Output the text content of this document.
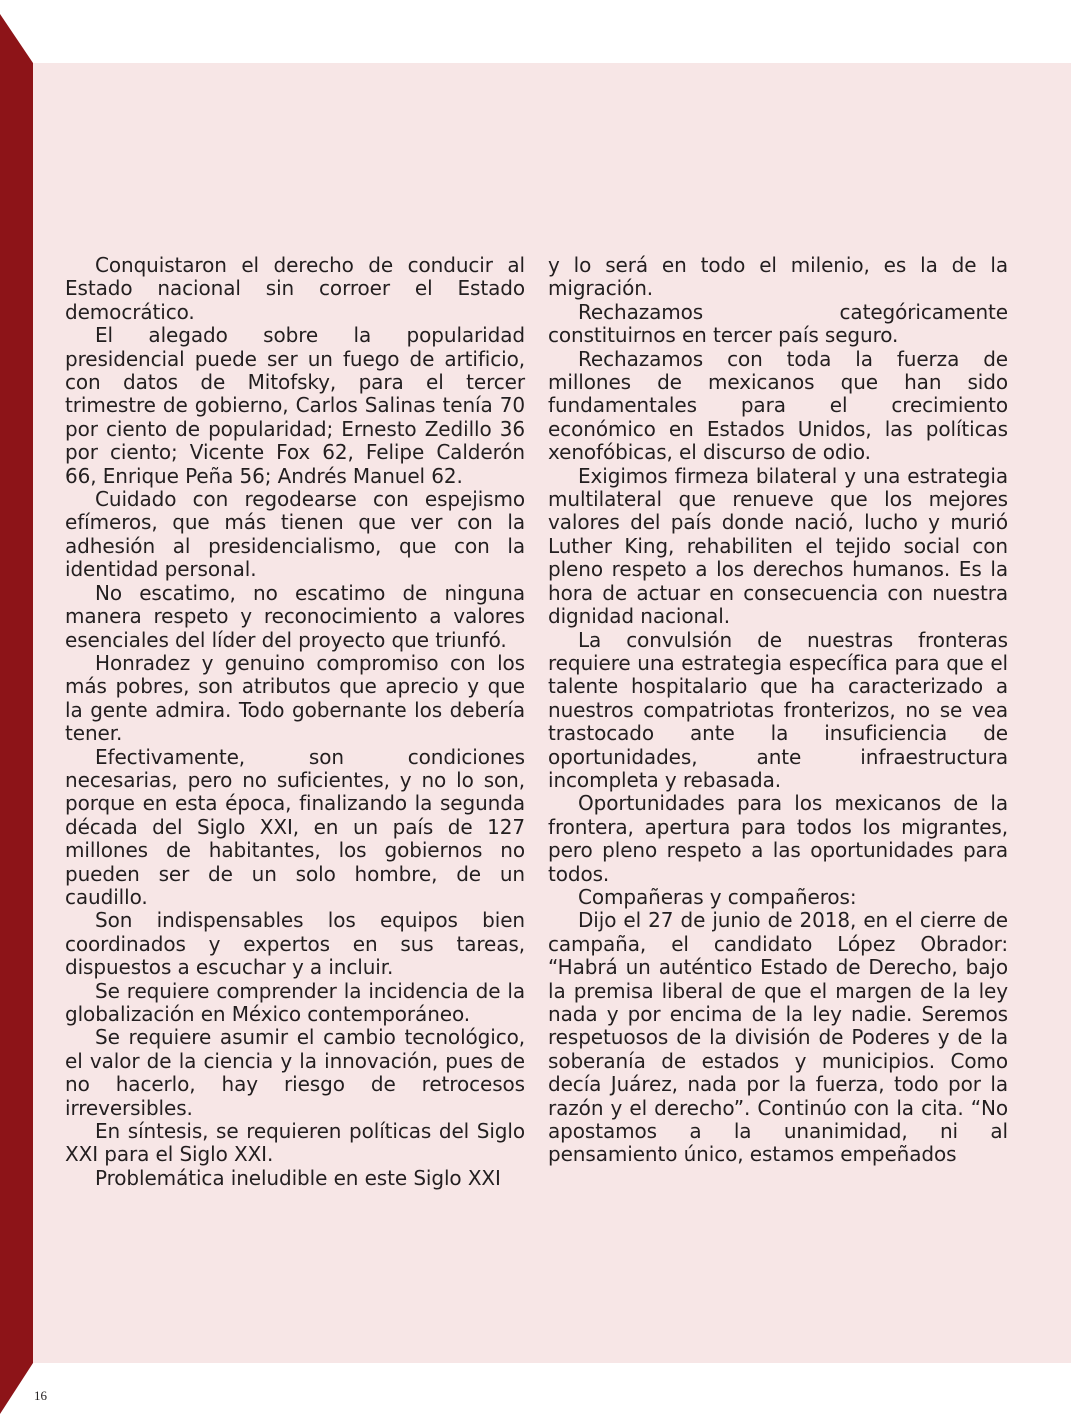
Conquistaron el derecho de conducir al Estado nacional sin corroer el Estado democrático.

El alegado sobre la popularidad presidencial puede ser un fuego de artificio, con datos de Mitofsky, para el tercer trimestre de gobierno, Carlos Salinas tenía 70 por ciento de popularidad; Ernesto Zedillo 36 por ciento; Vicente Fox 62, Felipe Calderón 66, Enrique Peña 56; Andrés Manuel 62.

Cuidado con regodearse con espejismo efímeros, que más tienen que ver con la adhesión al presidencialismo, que con la identidad personal.

No escatimo, no escatimo de ninguna manera respeto y reconocimiento a valores esenciales del líder del proyecto que triunfó.

Honradez y genuino compromiso con los más pobres, son atributos que aprecio y que la gente admira. Todo gobernante los debería tener.

Efectivamente, son condiciones necesarias, pero no suficientes, y no lo son, porque en esta época, finalizando la segunda década del Siglo XXI, en un país de 127 millones de habitantes, los gobiernos no pueden ser de un solo hombre, de un caudillo.

Son indispensables los equipos bien coordinados y expertos en sus tareas, dispuestos a escuchar y a incluir.

Se requiere comprender la incidencia de la globalización en México contemporáneo.

Se requiere asumir el cambio tecnológico, el valor de la ciencia y la innovación, pues de no hacerlo, hay riesgo de retrocesos irreversibles.

En síntesis, se requieren políticas del Siglo XXI para el Siglo XXI.

Problemática ineludible en este Siglo XXI

y lo será en todo el milenio, es la de la migración.

Rechazamos categóricamente constituirnos en tercer país seguro.

Rechazamos con toda la fuerza de millones de mexicanos que han sido fundamentales para el crecimiento económico en Estados Unidos, las políticas xenofóbicas, el discurso de odio.

Exigimos firmeza bilateral y una estrategia multilateral que renueve que los mejores valores del país donde nació, lucho y murió Luther King, rehabiliten el tejido social con pleno respeto a los derechos humanos. Es la hora de actuar en consecuencia con nuestra dignidad nacional.

La convulsión de nuestras fronteras requiere una estrategia específica para que el talente hospitalario que ha caracterizado a nuestros compatriotas fronterizos, no se vea trastocado ante la insuficiencia de oportunidades, ante infraestructura incompleta y rebasada.

Oportunidades para los mexicanos de la frontera, apertura para todos los migrantes, pero pleno respeto a las oportunidades para todos.

Compañeras y compañeros:

Dijo el 27 de junio de 2018, en el cierre de campaña, el candidato López Obrador: “Habrá un auténtico Estado de Derecho, bajo la premisa liberal de que el margen de la ley nada y por encima de la ley nadie. Seremos respetuosos de la división de Poderes y de la soberanía de estados y municipios. Como decía Juárez, nada por la fuerza, todo por la razón y el derecho”. Continúo con la cita. “No apostamos a la unanimidad, ni al pensamiento único, estamos empeñados

16
